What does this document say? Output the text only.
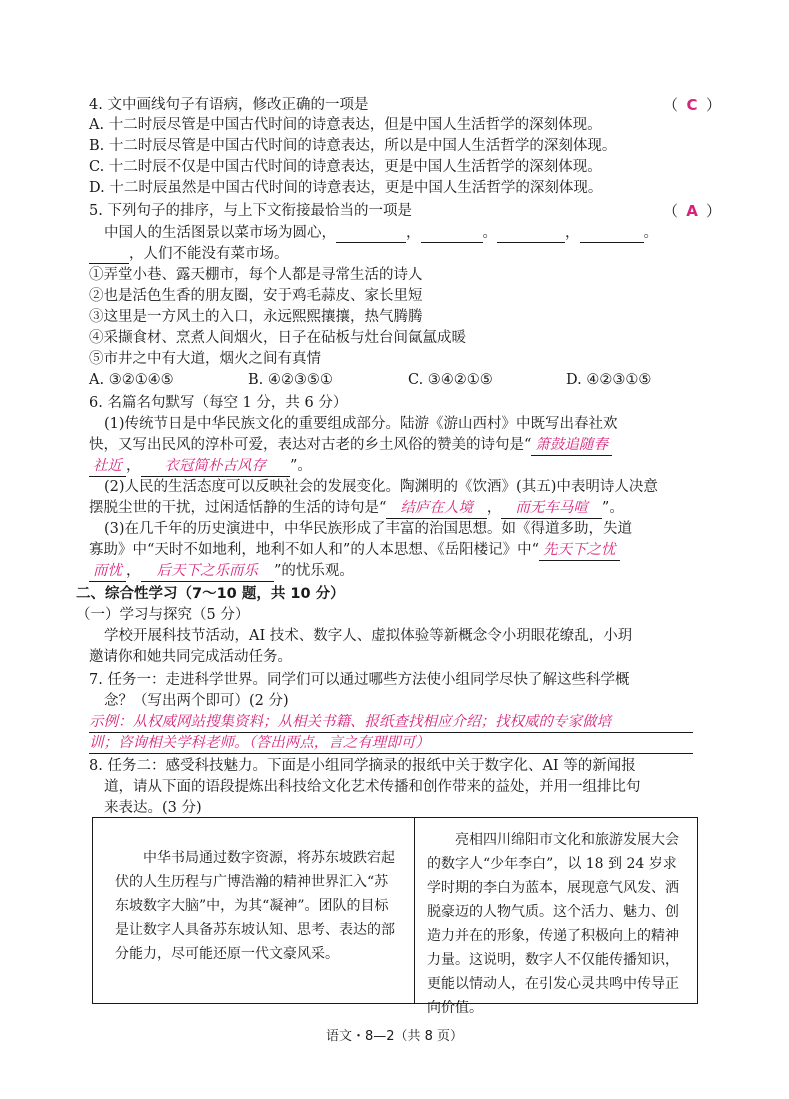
4. 文中画线句子有语病，修改正确的一项是	（ C ）
A. 十二时辰尽管是中国古代时间的诗意表达，但是中国人生活哲学的深刻体现。
B. 十二时辰尽管是中国古代时间的诗意表达，所以是中国人生活哲学的深刻体现。
C. 十二时辰不仅是中国古代时间的诗意表达，更是中国人生活哲学的深刻体现。
D. 十二时辰虽然是中国古代时间的诗意表达，更是中国人生活哲学的深刻体现。
5. 下列句子的排序，与上下文衔接最恰当的一项是	（ A ）
中国人的生活图景以菜市场为圆心，	，	。	，	。
，人们不能没有菜市场。
①弄堂小巷、露天棚市，每个人都是寻常生活的诗人
②也是活色生香的朋友圈，安于鸡毛蒜皮、家长里短
③这里是一方风土的入口，永远熙熙攘攘，热气腾腾
④采撷食材、烹煮人间烟火，日子在砧板与灶台间氤氲成暖
⑤市井之中有大道，烟火之间有真情
A. ③②①④⑤	B. ④②③⑤①	C. ③④②①⑤	D. ④②③①⑤
6. 名篇名句默写（每空 1 分，共 6 分）
(1)传统节日是中华民族文化的重要组成部分。陆游《游山西村》中既写出春社欢
快，又写出民风的淳朴可爱，表达对古老的乡土风俗的赞美的诗句是“ 箫鼓追随春
社近 ， 衣冠简朴古风存 ”。
(2)人民的生活态度可以反映社会的发展变化。陶渊明的《饮酒》(其五)中表明诗人决意
摆脱尘世的干扰，过闲适恬静的生活的诗句是“ 结庐在人境 ， 而无车马喧 ”。
(3)在几千年的历史演进中，中华民族形成了丰富的治国思想。如《得道多助，失道
寡助》中“天时不如地利，地利不如人和”的人本思想、《岳阳楼记》中“ 先天下之忧
而忧 ， 后天下之乐而乐 ”的忧乐观。
二、综合性学习（7～10 题，共 10 分）
（一）学习与探究（5 分）
学校开展科技节活动，AI 技术、数字人、虚拟体验等新概念令小玥眼花缭乱，小玥
邀请你和她共同完成活动任务。
7. 任务一：走进科学世界。同学们可以通过哪些方法使小组同学尽快了解这些科学概
念？（写出两个即可）(2 分)
示例：从权威网站搜集资料；从相关书籍、报纸查找相应介绍；找权威的专家做培
训；咨询相关学科老师。（答出两点，言之有理即可）
8. 任务二：感受科技魅力。下面是小组同学摘录的报纸中关于数字化、AI 等的新闻报
道，请从下面的语段提炼出科技给文化艺术传播和创作带来的益处，并用一组排比句
来表达。(3 分)
中华书局通过数字资源，将苏东坡跌宕起伏的人生历程与广博浩瀚的精神世界汇入“苏东坡数字大脑”中，为其“凝神”。团队的目标是让数字人具备苏东坡认知、思考、表达的部分能力，尽可能还原一代文豪风采。
亮相四川绵阳市文化和旅游发展大会的数字人“少年李白”，以 18 到 24 岁求学时期的李白为蓝本，展现意气风发、洒脱豪迈的人物气质。这个活力、魅力、创造力并在的形象，传递了积极向上的精神力量。这说明，数字人不仅能传播知识，更能以情动人，在引发心灵共鸣中传导正向价值。
语文・8—2（共 8 页）
